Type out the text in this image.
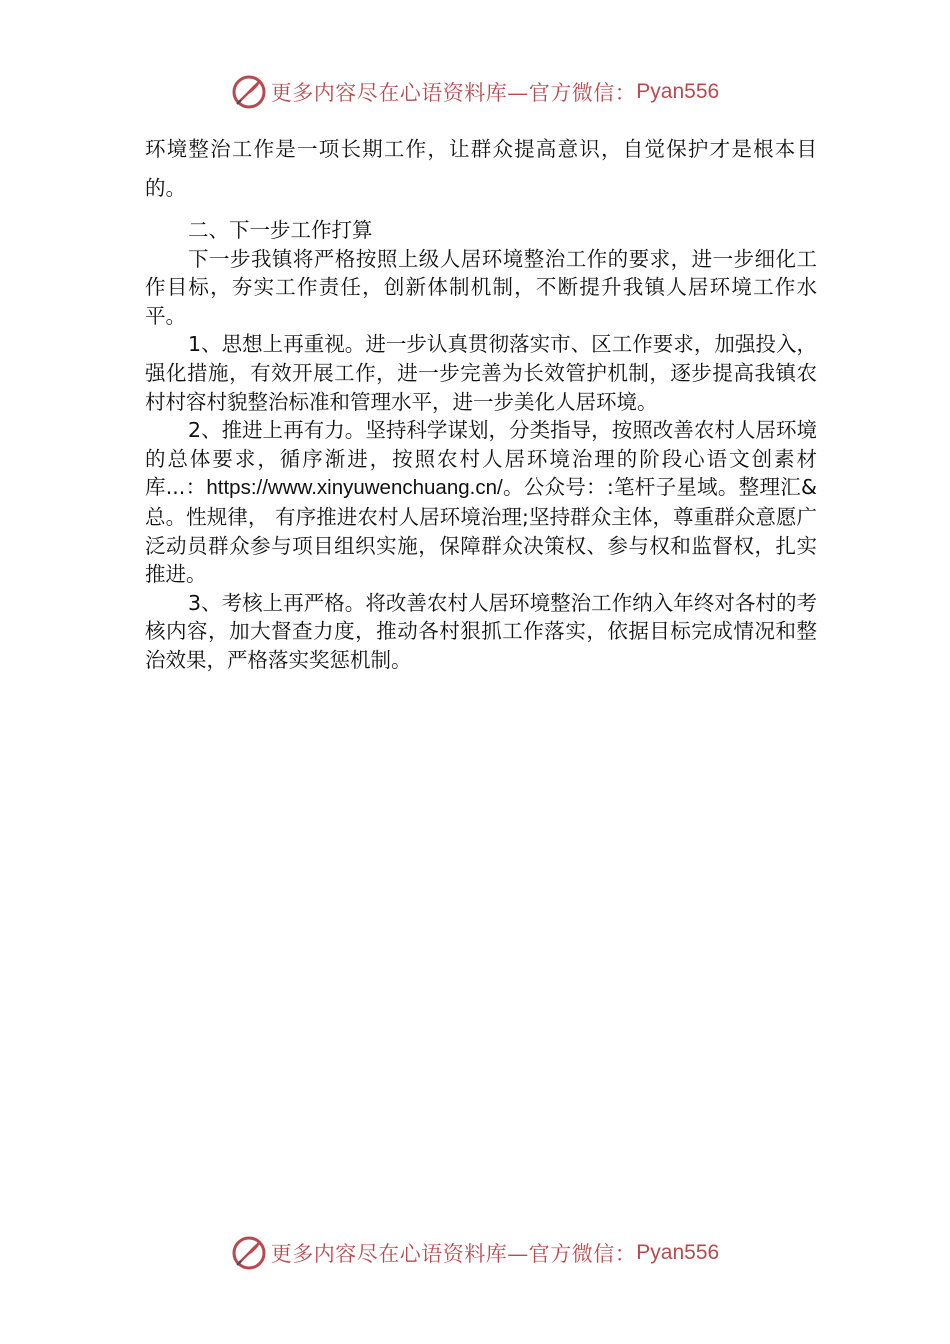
更多内容尽在心语资料库—官方微信： Pyan556

环境整治工作是一项长期工作，让群众提高意识，自觉保护才是根本目的。

二、下一步工作打算

下一步我镇将严格按照上级人居环境整治工作的要求，进一步细化工作目标，夯实工作责任，创新体制机制，不断提升我镇人居环境工作水平。

1、思想上再重视。进一步认真贯彻落实市、区工作要求，加强投入，强化措施，有效开展工作，进一步完善为长效管护机制，逐步提高我镇农村村容村貌整治标准和管理水平，进一步美化人居环境。

2、推进上再有力。坚持科学谋划，分类指导，按照改善农村人居环境的总体要求，循序渐进，按照农村人居环境治理的阶段心语文创素材库...：https://www.xinyuwenchuang.cn/。公众号：:笔杆子星域。整理汇&总。性规律， 有序推进农村人居环境治理;坚持群众主体，尊重群众意愿广泛动员群众参与项目组织实施，保障群众决策权、参与权和监督权，扎实推进。

3、考核上再严格。将改善农村人居环境整治工作纳入年终对各村的考核内容，加大督查力度，推动各村狠抓工作落实，依据目标完成情况和整治效果，严格落实奖惩机制。

更多内容尽在心语资料库—官方微信： Pyan556
